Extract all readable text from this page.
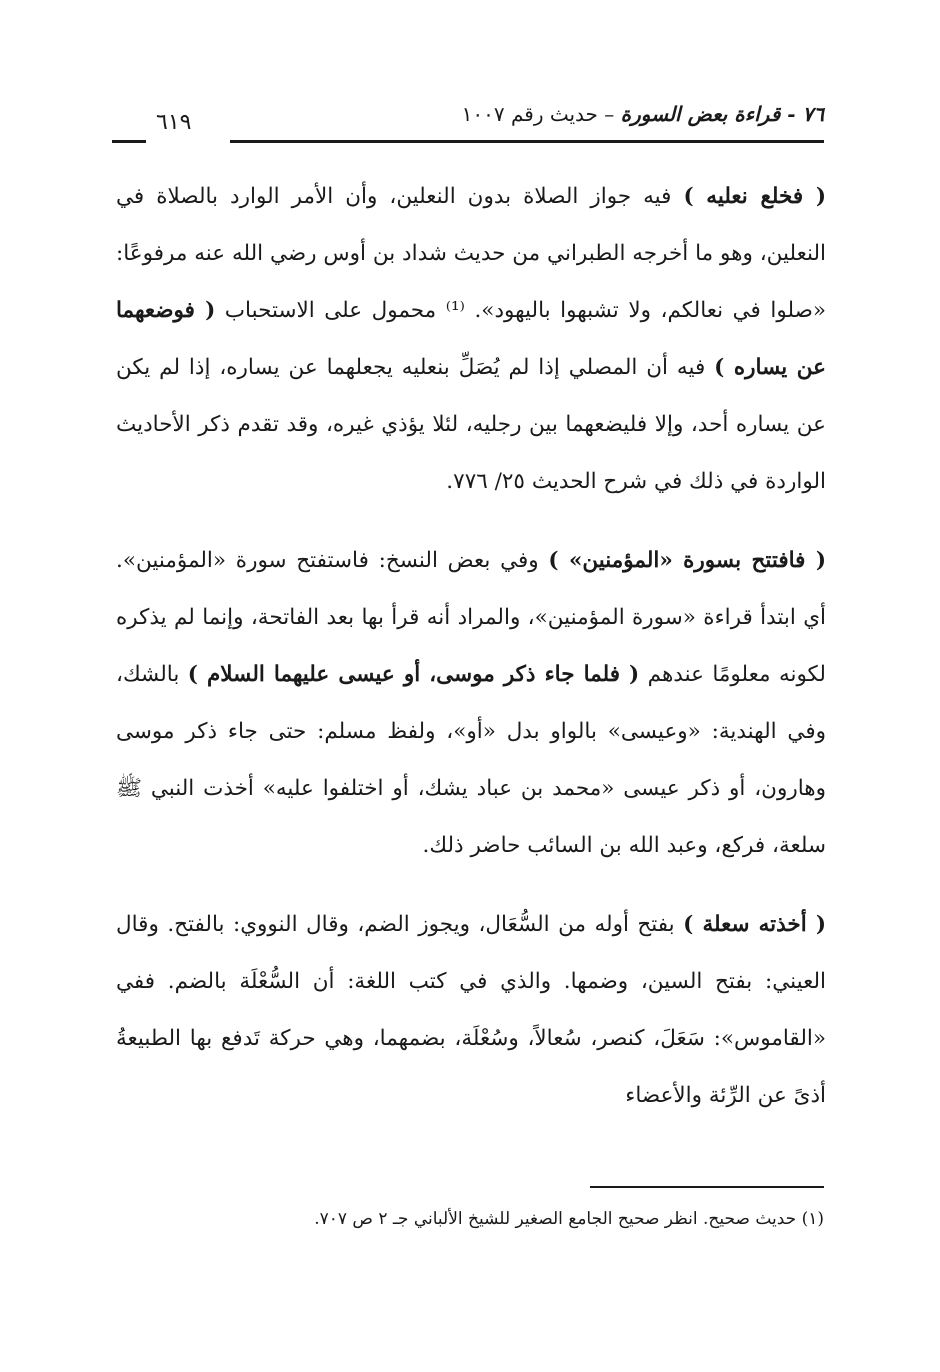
٧٦ - قراءة بعض السورة – حديث رقم ١٠٠٧
٦١٩

( فخلع نعليه ) فيه جواز الصلاة بدون النعلين، وأن الأمر الوارد بالصلاة في النعلين، وهو ما أخرجه الطبراني من حديث شداد بن أوس رضي الله عنه مرفوعًا: «صلوا في نعالكم، ولا تشبهوا باليهود». ⁽¹⁾ محمول على الاستحباب ( فوضعهما عن يساره ) فيه أن المصلي إذا لم يُصَلِّ بنعليه يجعلهما عن يساره، إذا لم يكن عن يساره أحد، وإلا فليضعهما بين رجليه، لئلا يؤذي غيره، وقد تقدم ذكر الأحاديث الواردة في ذلك في شرح الحديث ٢٥/ ٧٧٦.

( فافتتح بسورة «المؤمنين» ) وفي بعض النسخ: فاستفتح سورة «المؤمنين». أي ابتدأ قراءة «سورة المؤمنين»، والمراد أنه قرأ بها بعد الفاتحة، وإنما لم يذكره لكونه معلومًا عندهم ( فلما جاء ذكر موسى، أو عيسى عليهما السلام ) بالشك، وفي الهندية: «وعيسى» بالواو بدل «أو»، ولفظ مسلم: حتى جاء ذكر موسى وهارون، أو ذكر عيسى «محمد بن عباد يشك، أو اختلفوا عليه» أخذت النبي ﷺ سلعة، فركع، وعبد الله بن السائب حاضر ذلك.

( أخذته سعلة ) بفتح أوله من السُّعَال، ويجوز الضم، وقال النووي: بالفتح. وقال العيني: بفتح السين، وضمها. والذي في كتب اللغة: أن السُّعْلَة بالضم. ففي «القاموس»: سَعَلَ، كنصر، سُعالاً، وسُعْلَة، بضمهما، وهي حركة تَدفع بها الطبيعةُ أذىً عن الرِّئة والأعضاء

(١) حديث صحيح. انظر صحيح الجامع الصغير للشيخ الألباني جـ ٢ ص ٧٠٧.
